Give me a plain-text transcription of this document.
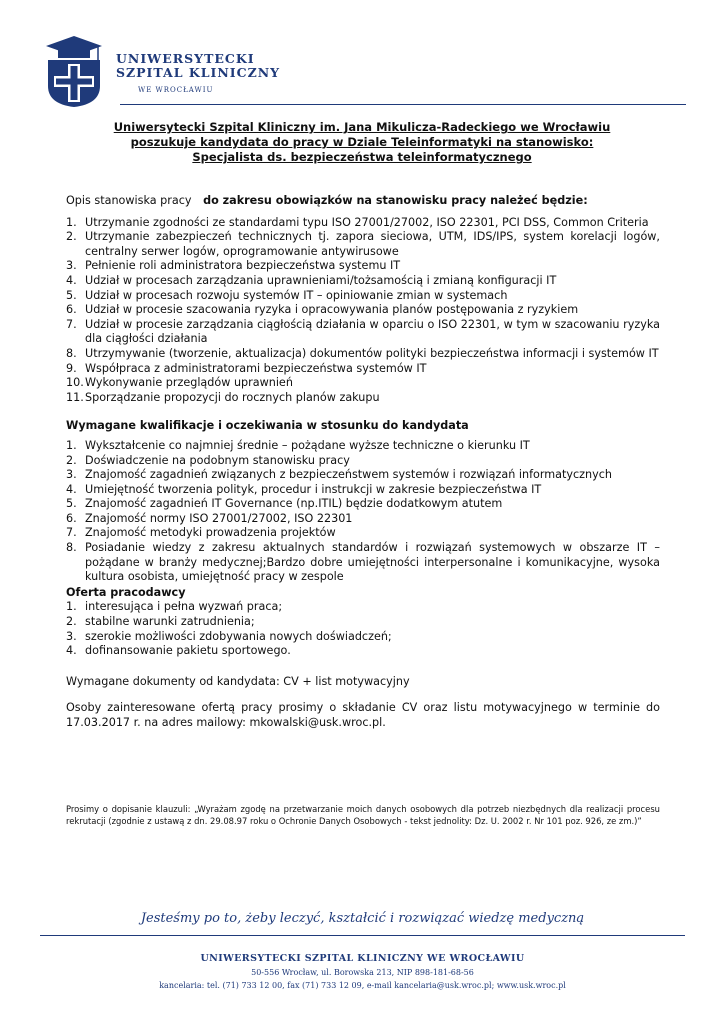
UNIWERSYTECKI
SZPITAL KLINICZNY
WE WROCŁAWIU
Uniwersytecki Szpital Kliniczny im. Jana Mikulicza-Radeckiego we Wrocławiu
poszukuje kandydata do pracy w Dziale Teleinformatyki na stanowisko:
Specjalista ds. bezpieczeństwa teleinformatycznego

Opis stanowiska pracy do zakresu obowiązków na stanowisku pracy należeć będzie:

1. Utrzymanie zgodności ze standardami typu ISO 27001/27002, ISO 22301, PCI DSS, Common Criteria
2. Utrzymanie zabezpieczeń technicznych tj. zapora sieciowa, UTM, IDS/IPS, system korelacji logów, centralny serwer logów, oprogramowanie antywirusowe
3. Pełnienie roli administratora bezpieczeństwa systemu IT
4. Udział w procesach zarządzania uprawnieniami/tożsamością i zmianą konfiguracji IT
5. Udział w procesach rozwoju systemów IT – opiniowanie zmian w systemach
6. Udział w procesie szacowania ryzyka i opracowywania planów postępowania z ryzykiem
7. Udział w procesie zarządzania ciągłością działania w oparciu o ISO 22301, w tym w szacowaniu ryzyka dla ciągłości działania
8. Utrzymywanie (tworzenie, aktualizacja) dokumentów polityki bezpieczeństwa informacji i systemów IT
9. Współpraca z administratorami bezpieczeństwa systemów IT
10. Wykonywanie przeglądów uprawnień
11. Sporządzanie propozycji do rocznych planów zakupu

Wymagane kwalifikacje i oczekiwania w stosunku do kandydata

1. Wykształcenie co najmniej średnie – pożądane wyższe techniczne o kierunku IT
2. Doświadczenie na podobnym stanowisku pracy
3. Znajomość zagadnień związanych z bezpieczeństwem systemów i rozwiązań informatycznych
4. Umiejętność tworzenia polityk, procedur i instrukcji w zakresie bezpieczeństwa IT
5. Znajomość zagadnień IT Governance (np.ITIL) będzie dodatkowym atutem
6. Znajomość normy ISO 27001/27002, ISO 22301
7. Znajomość metodyki prowadzenia projektów
8. Posiadanie wiedzy z zakresu aktualnych standardów i rozwiązań systemowych w obszarze IT – pożądane w branży medycznej;Bardzo dobre umiejętności interpersonalne i komunikacyjne, wysoka kultura osobista, umiejętność pracy w zespole

Oferta pracodawcy

1. interesująca i pełna wyzwań praca;
2. stabilne warunki zatrudnienia;
3. szerokie możliwości zdobywania nowych doświadczeń;
4. dofinansowanie pakietu sportowego.

Wymagane dokumenty od kandydata: CV + list motywacyjny

Osoby zainteresowane ofertą pracy prosimy o składanie CV oraz listu motywacyjnego w terminie do 17.03.2017 r. na adres mailowy: mkowalski@usk.wroc.pl.

Prosimy o dopisanie klauzuli: „Wyrażam zgodę na przetwarzanie moich danych osobowych dla potrzeb niezbędnych dla realizacji procesu rekrutacji (zgodnie z ustawą z dn. 29.08.97 roku o Ochronie Danych Osobowych - tekst jednolity: Dz. U. 2002 r. Nr 101 poz. 926, ze zm.)”

Jesteśmy po to, żeby leczyć, kształcić i rozwiązać wiedzę medyczną
UNIWERSYTECKI SZPITAL KLINICZNY WE WROCŁAWIU
50-556 Wrocław, ul. Borowska 213, NIP 898-181-68-56
kancelaria: tel. (71) 733 12 00, fax (71) 733 12 09, e-mail kancelaria@usk.wroc.pl; www.usk.wroc.pl
